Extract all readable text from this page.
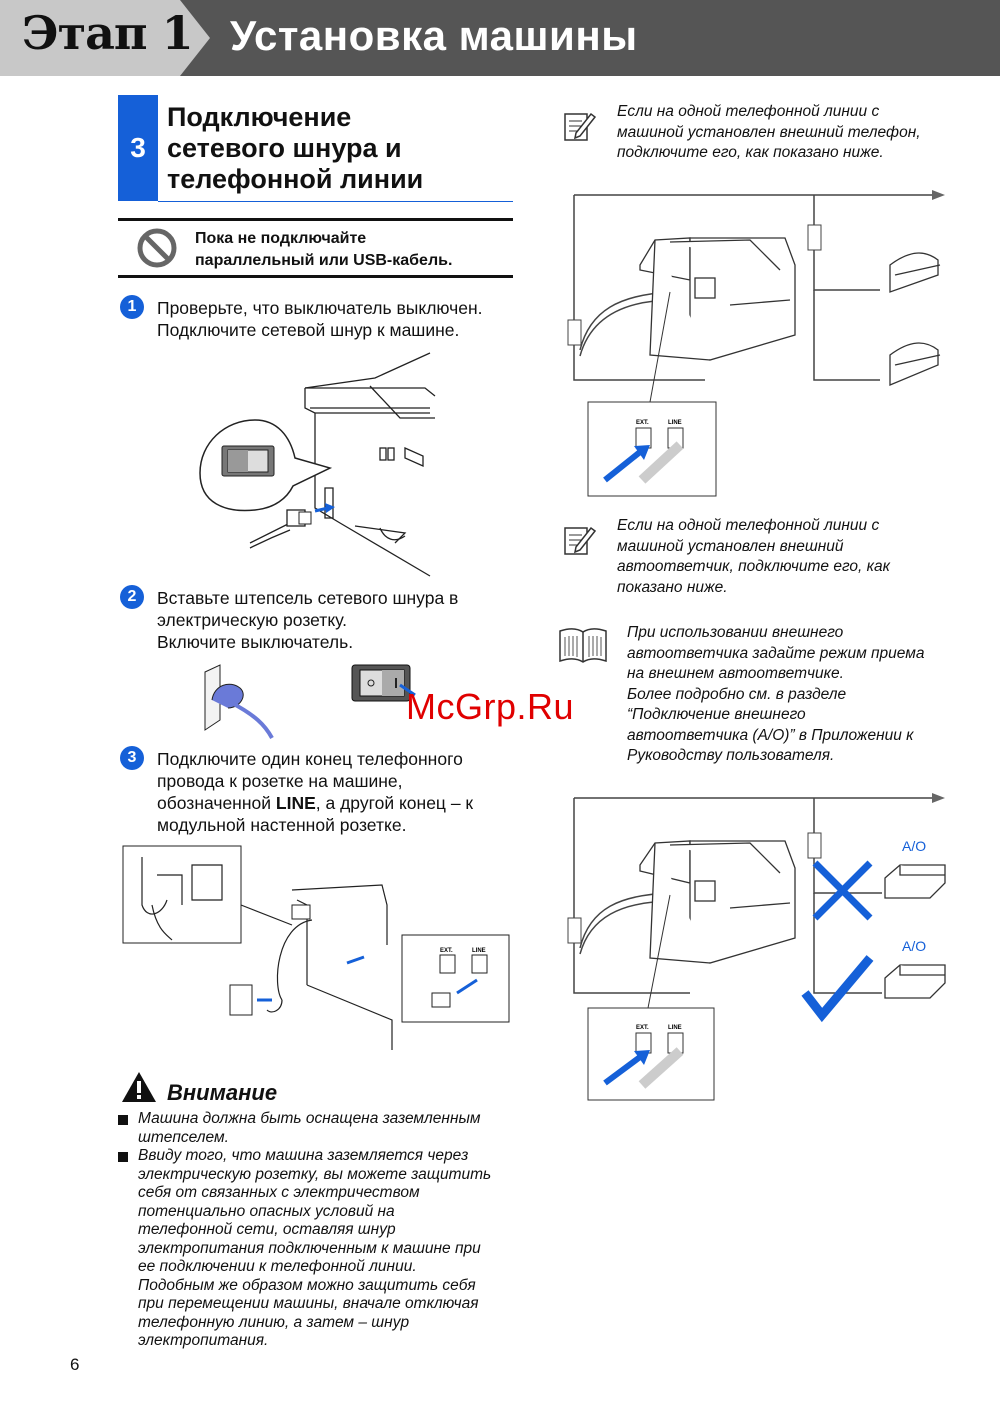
Этап 1 Установка машины
3
Подключение
сетевого шнура и
телефонной линии
Пока не подключайте
параллельный или USB-кабель.
1	Проверьте, что выключатель выключен.
Подключите сетевой шнур к машине.
2	Вставьте штепсель сетевого шнура в
электрическую розетку.
Включите выключатель.
3	Подключите один конец телефонного
провода к розетке на машине,
обозначенной LINE, а другой конец – к
модульной настенной розетке.
EXT.	LINE
Внимание
Машина должна быть оснащена заземленным
штепселем.
Ввиду того, что машина заземляется через
электрическую розетку, вы можете защитить
себя от связанных с электричеством
потенциально опасных условий на
телефонной сети, оставляя шнур
электропитания подключенным к машине при
ее подключении к телефонной линии.
Подобным же образом можно защитить себя
при перемещении машины, вначале отключая
телефонную линию, а затем – шнур
электропитания.
Если на одной телефонной линии с
машиной установлен внешний телефон,
подключите его, как показано ниже.
EXT.	LINE
Если на одной телефонной линии с
машиной установлен внешний
автоответчик, подключите его, как
показано ниже.
При использовании внешнего
автоответчика задайте режим приема
на внешнем автоответчике.
Более подробно см. в разделе
“Подключение внешнего
автоответчика (A/O)” в Приложении к
Руководству пользователя.
McGrp.Ru
A/O
A/O
EXT.	LINE
6
